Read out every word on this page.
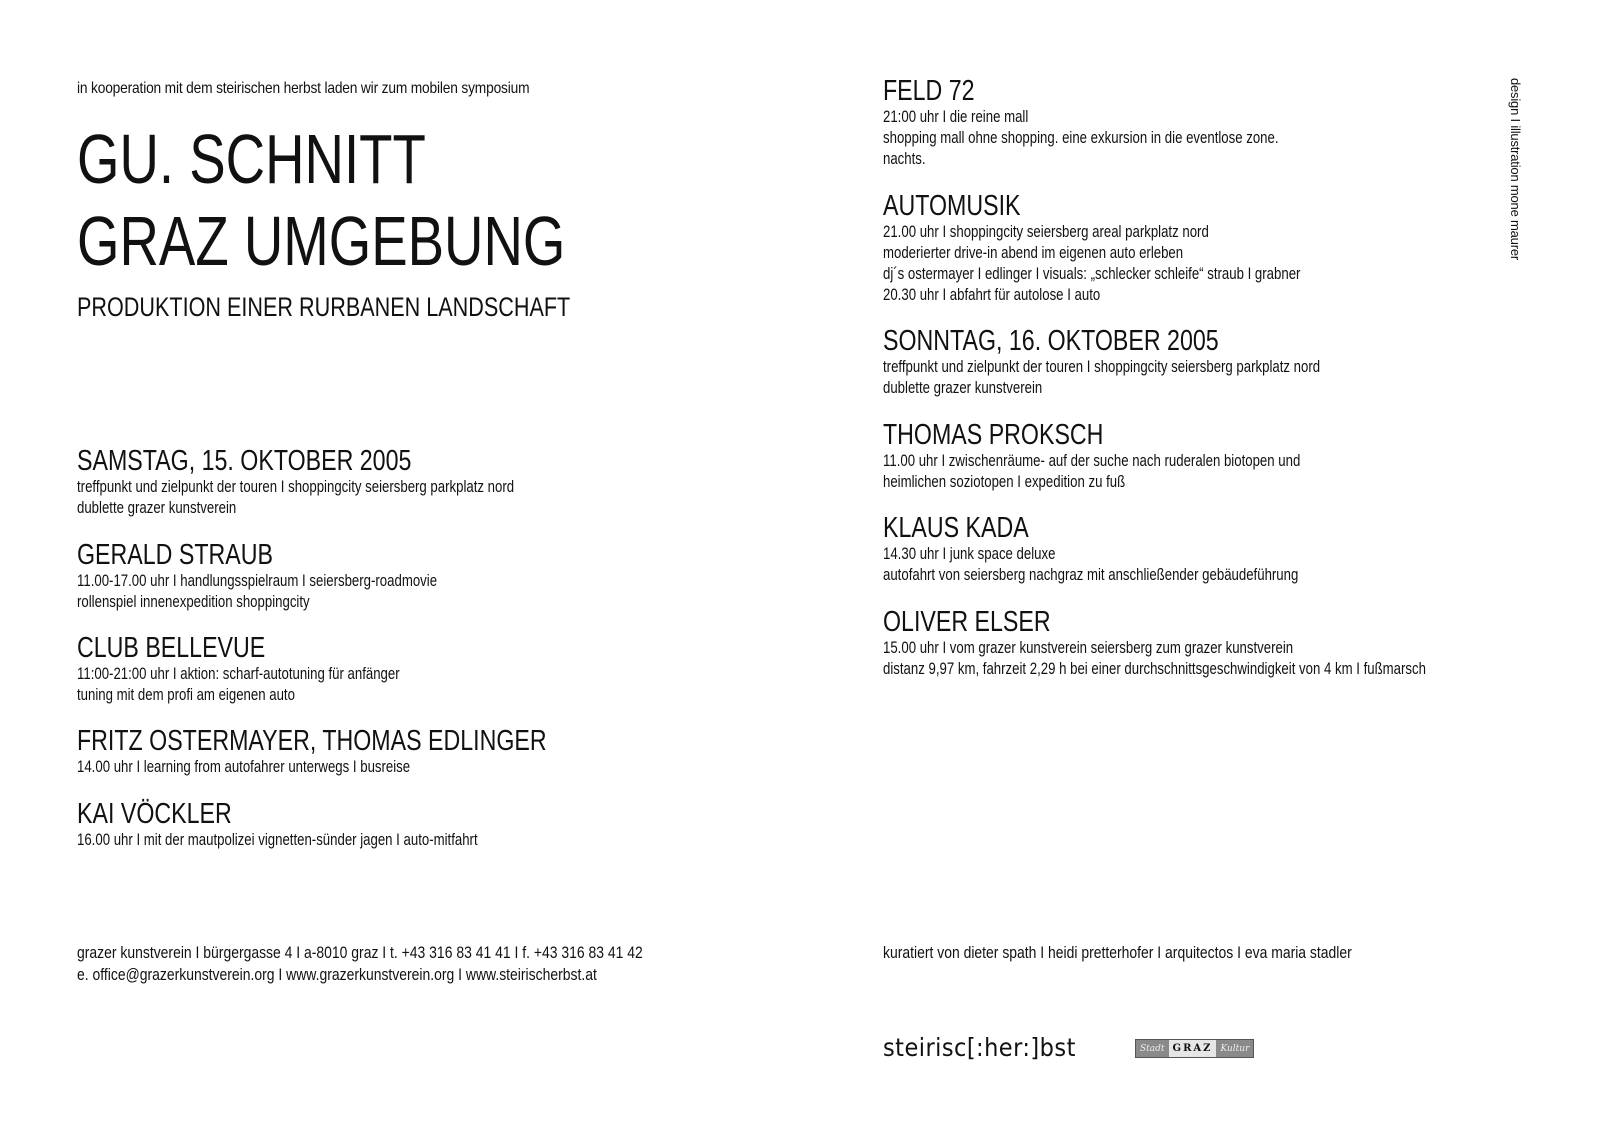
in kooperation mit dem steirischen herbst laden wir zum mobilen symposium
GU. SCHNITT
GRAZ UMGEBUNG
PRODUKTION EINER RURBANEN LANDSCHAFT
SAMSTAG, 15. OKTOBER 2005
treffpunkt und zielpunkt der touren I shoppingcity seiersberg parkplatz nord
dublette grazer kunstverein
GERALD STRAUB
11.00-17.00 uhr I handlungsspielraum I seiersberg-roadmovie
rollenspiel innenexpedition shoppingcity
CLUB BELLEVUE
11:00-21:00 uhr I aktion: scharf-autotuning für anfänger
tuning mit dem profi am eigenen auto
FRITZ OSTERMAYER, THOMAS EDLINGER
14.00 uhr I learning from autofahrer unterwegs I busreise
KAI VÖCKLER
16.00 uhr I mit der mautpolizei vignetten-sünder jagen I auto-mitfahrt
FELD 72
21:00 uhr I die reine mall
shopping mall ohne shopping. eine exkursion in die eventlose zone.
nachts.
AUTOMUSIK
21.00 uhr I shoppingcity seiersberg areal parkplatz nord
moderierter drive-in abend im eigenen auto erleben
dj´s ostermayer I edlinger I visuals: „schlecker schleife“ straub I grabner
20.30 uhr I abfahrt für autolose I auto
SONNTAG, 16. OKTOBER 2005
treffpunkt und zielpunkt der touren I shoppingcity seiersberg parkplatz nord
dublette grazer kunstverein
THOMAS PROKSCH
11.00 uhr I zwischenräume- auf der suche nach ruderalen biotopen und
heimlichen soziotopen I expedition zu fuß
KLAUS KADA
14.30 uhr I junk space deluxe
autofahrt von seiersberg nachgraz mit anschließender gebäudeführung
OLIVER ELSER
15.00 uhr I vom grazer kunstverein seiersberg zum grazer kunstverein
distanz 9,97 km, fahrzeit 2,29 h bei einer durchschnittsgeschwindigkeit von 4 km I fußmarsch
design I illustration mone maurer
grazer kunstverein I bürgergasse 4 I a-8010 graz I t. +43 316 83 41 41 I f. +43 316 83 41 42
e. office@grazerkunstverein.org I www.grazerkunstverein.org I www.steirischerbst.at
kuratiert von dieter spath I heidi pretterhofer I arquitectos I eva maria stadler
steirisc[:her:]bst	Stadt GRAZ Kultur
